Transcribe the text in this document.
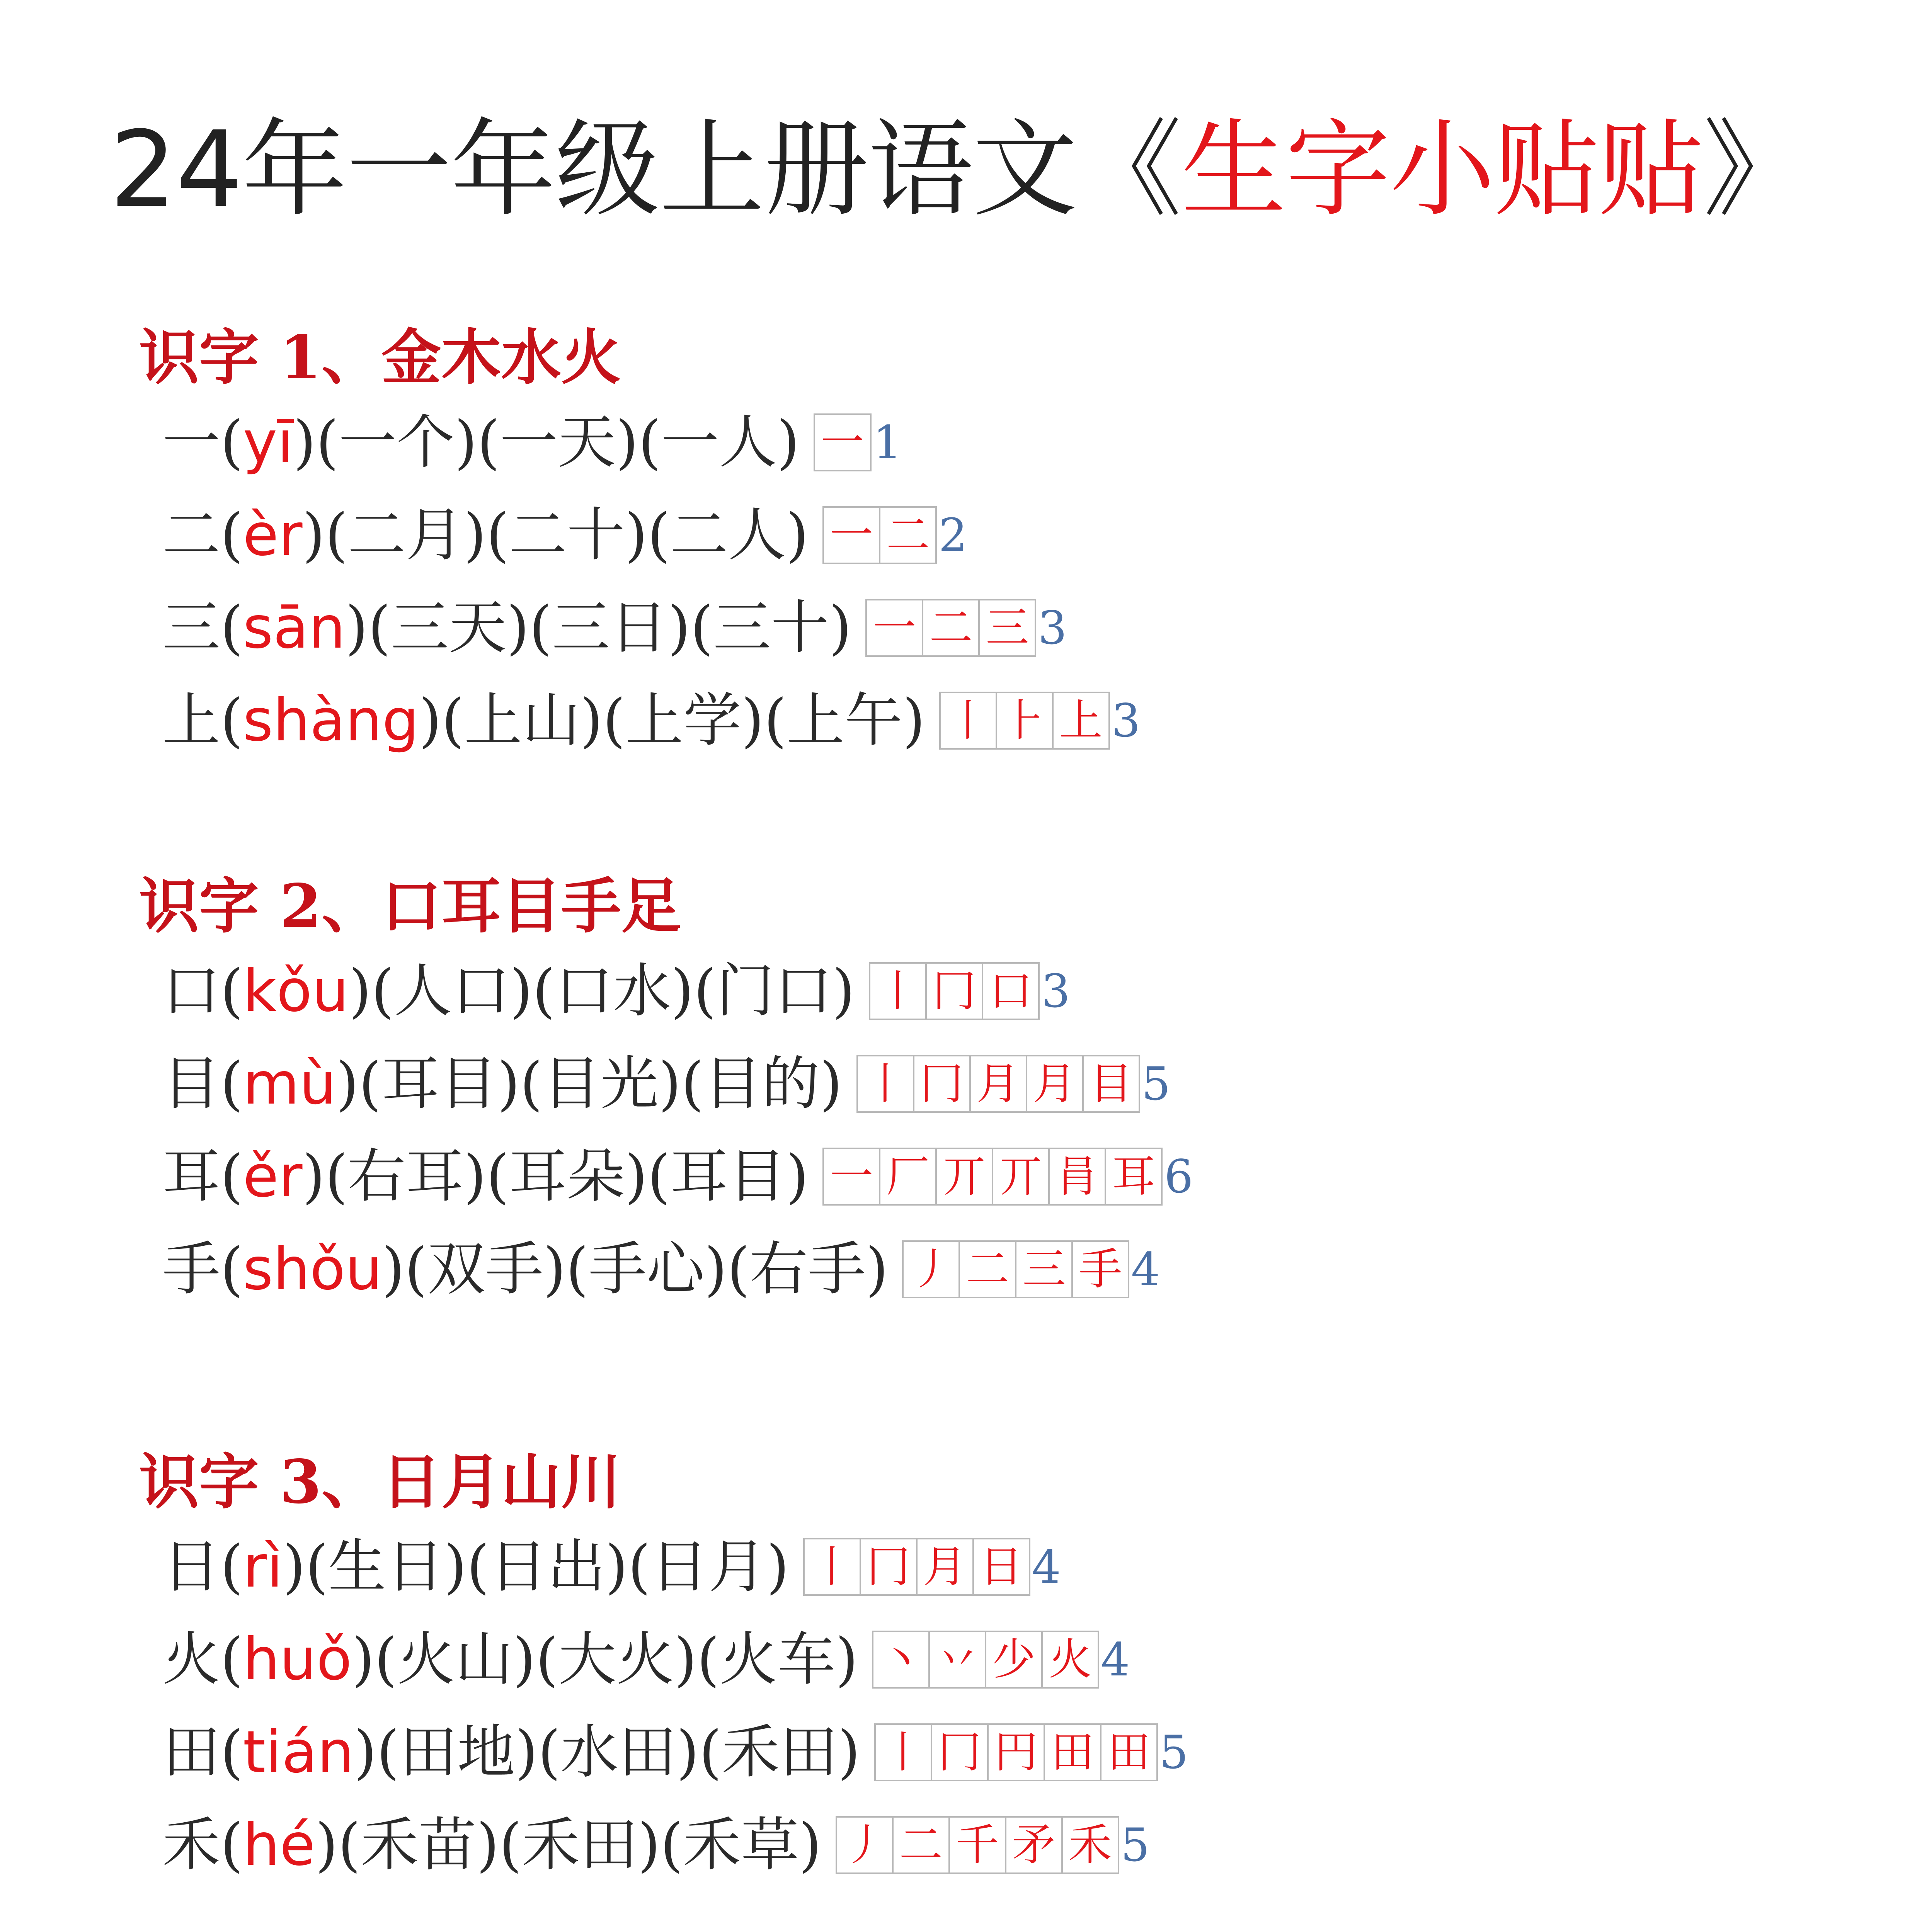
24年一年级上册语文《生字小贴贴》
识字 1、金木水火
一 ( yī ) ( 一个 ) ( 一天 ) ( 一人 ) 一 1
二 ( èr ) ( 二月 ) ( 二十 ) ( 二人 ) 一 二 2
三 ( sān ) ( 三天 ) ( 三日 ) ( 三十 ) 一 二 三 3
上 ( shàng ) ( 上山 ) ( 上学 ) ( 上午 ) 丨 ⺊ 上 3
识字 2、口耳目手足
口 ( kǒu ) ( 人口 ) ( 口水 ) ( 门口 ) 丨 冂 口 3
目 ( mù ) ( 耳目 ) ( 目光 ) ( 目的 ) 丨 冂 月 月 目 5
耳 ( ěr ) ( 右耳 ) ( 耳朵 ) ( 耳目 ) 一 厂 丌 丌 肙 耳 6
手 ( shǒu ) ( 双手 ) ( 手心 ) ( 右手 ) 丿 二 三 手 4
识字 3、日月山川
日 ( rì ) ( 生日 ) ( 日出 ) ( 日月 ) 丨 冂 月 日 4
火 ( huǒ ) ( 火山 ) ( 大火 ) ( 火车 ) 丶 丷 少 火 4
田 ( tián ) ( 田地 ) ( 水田 ) ( 禾田 ) 丨 冂 円 田 田 5
禾 ( hé ) ( 禾苗 ) ( 禾田 ) ( 禾草 ) 丿 二 千 矛 禾 5
